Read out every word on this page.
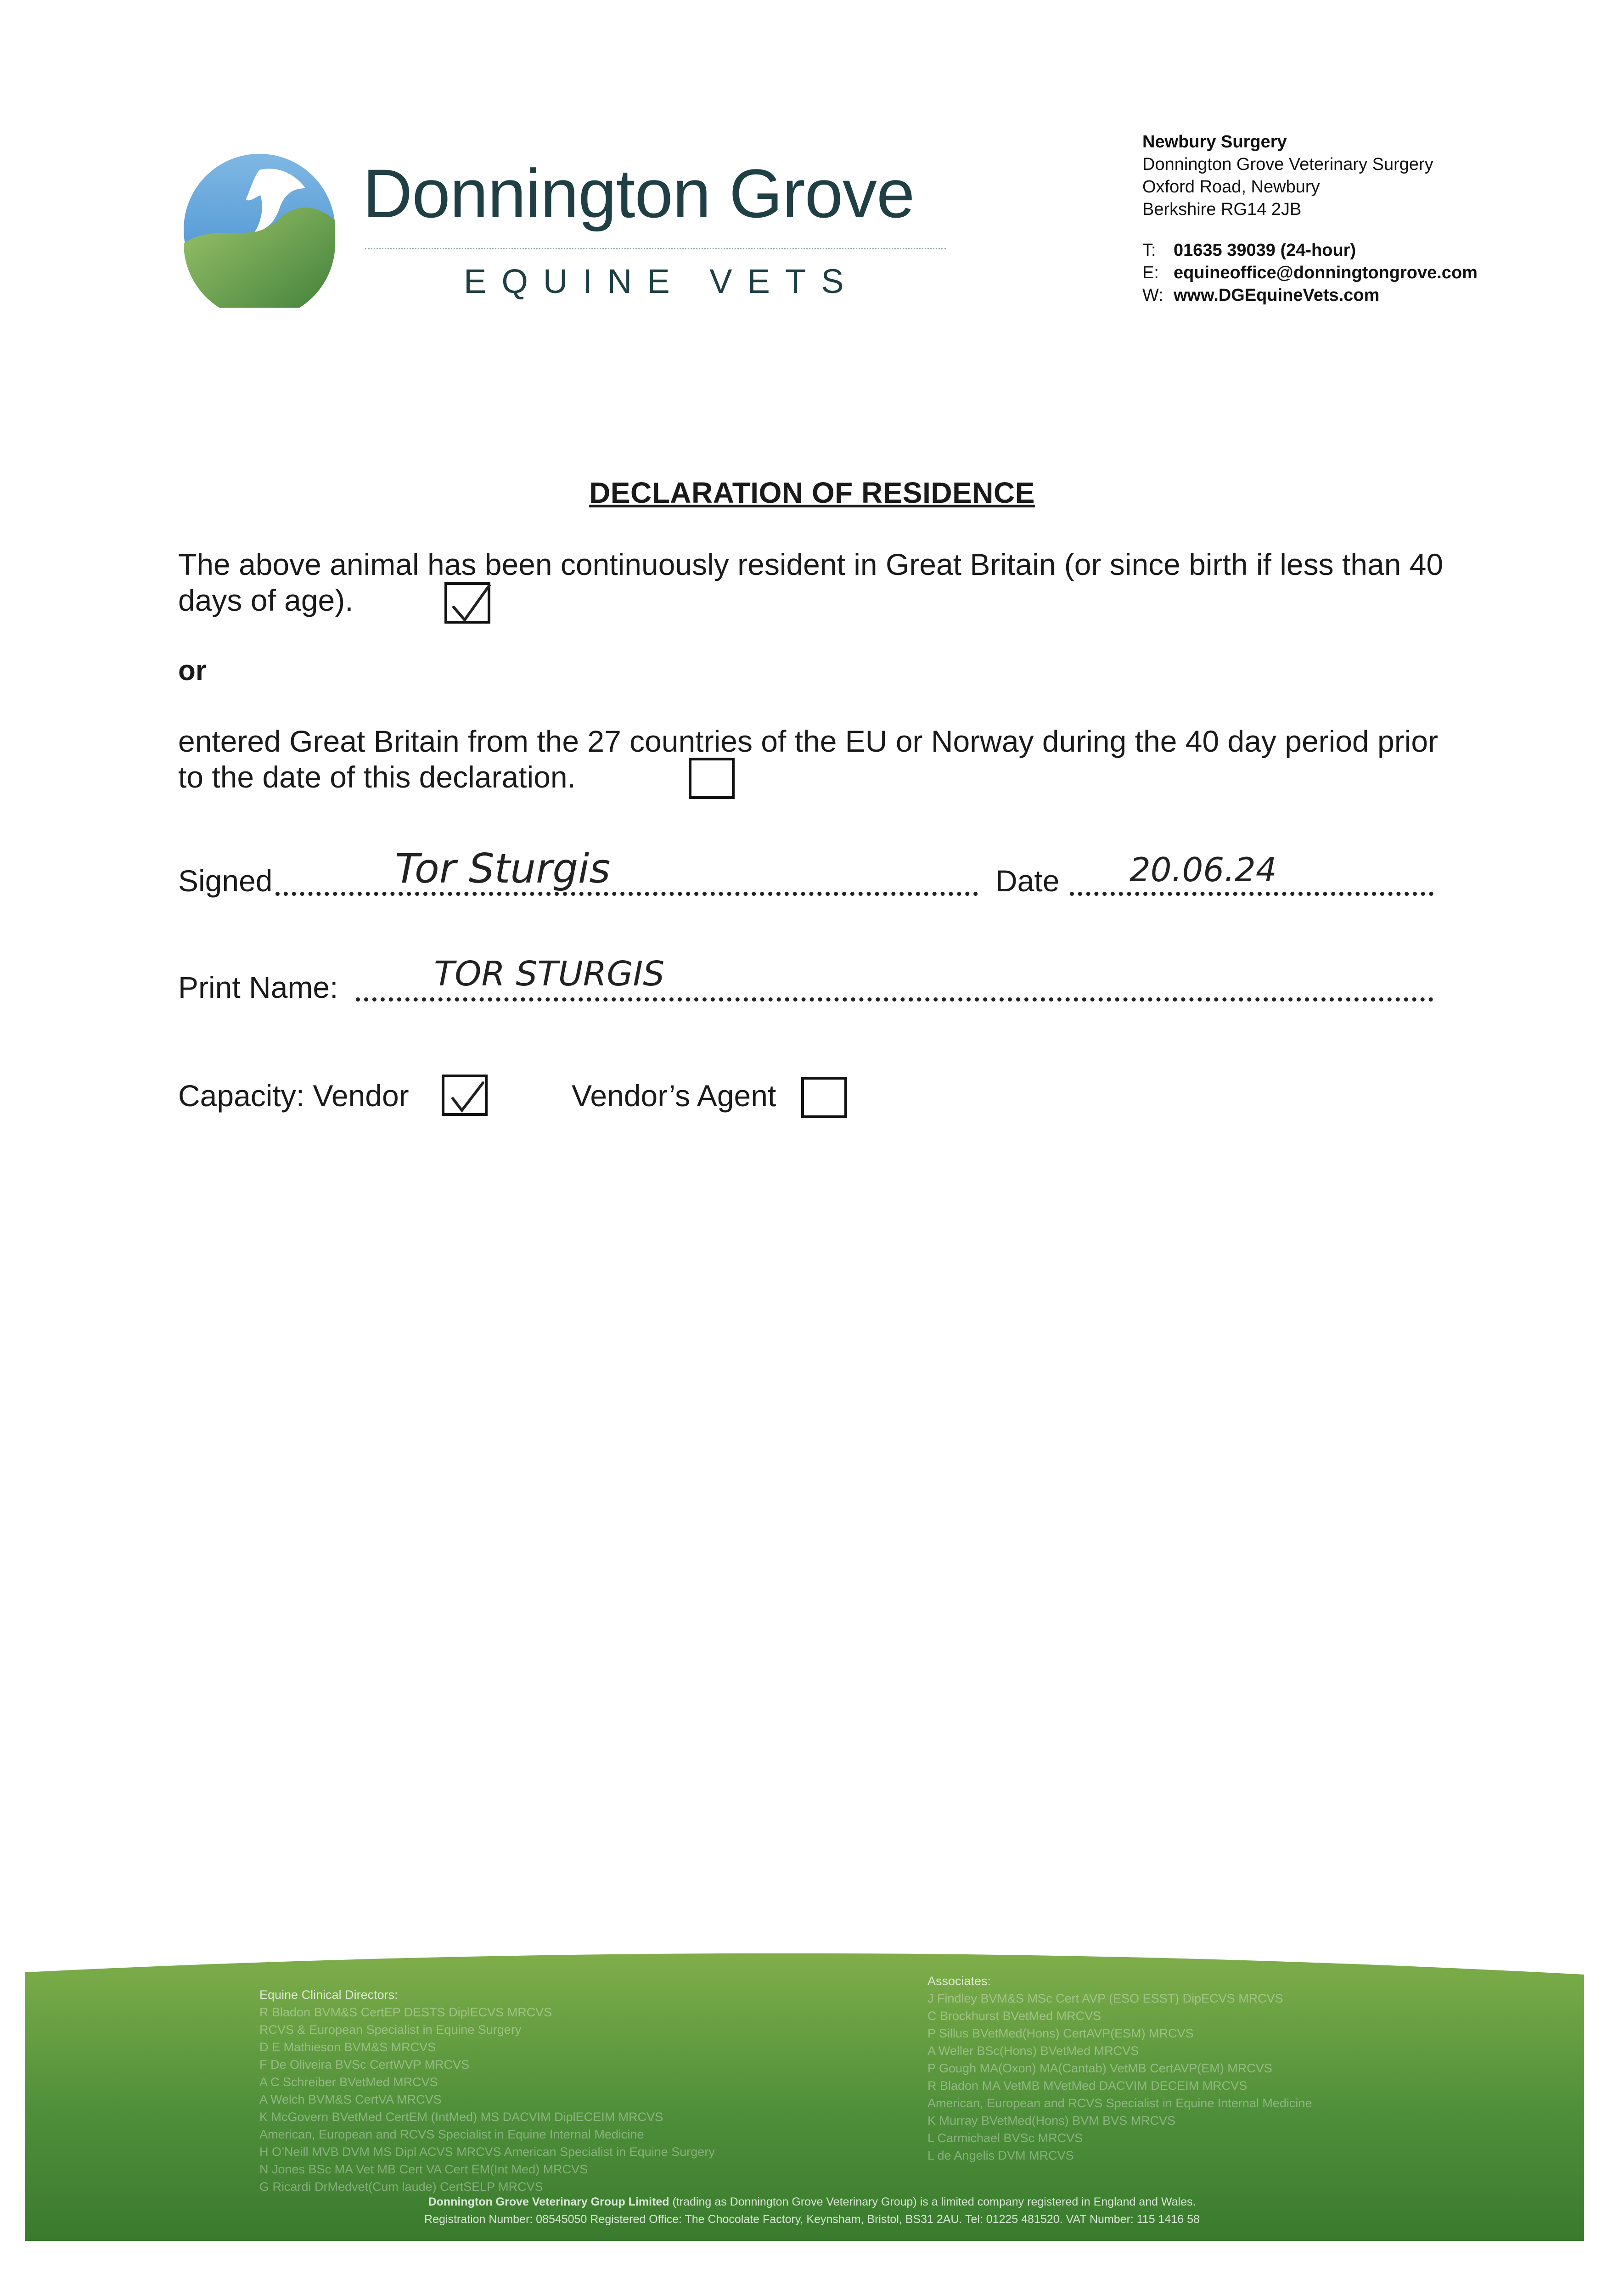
Donnington Grove
EQUINE VETS
Newbury Surgery
Donnington Grove Veterinary Surgery
Oxford Road, Newbury
Berkshire RG14 2JB
T: 01635 39039 (24-hour)
E: equineoffice@donningtongrove.com
W: www.DGEquineVets.com
DECLARATION OF RESIDENCE
The above animal has been continuously resident in Great Britain (or since birth if less than 40 days of age).
or
entered Great Britain from the 27 countries of the EU or Norway during the 40 day period prior to the date of this declaration.
Signed	Tor Sturgis	Date 20.06.24
Print Name:	TOR STURGIS
Capacity: Vendor	Vendor’s Agent
Equine Clinical Directors:
R Bladon BVM&S CertEP DESTS DiplECVS MRCVS
RCVS & European Specialist in Equine Surgery
D E Mathieson BVM&S MRCVS
F De Oliveira BVSc CertWVP MRCVS
A C Schreiber BVetMed MRCVS
A Welch BVM&S CertVA MRCVS
K McGovern BVetMed CertEM (IntMed) MS DACVIM DiplECEIM MRCVS
American, European and RCVS Specialist in Equine Internal Medicine
H O’Neill MVB DVM MS Dipl ACVS MRCVS American Specialist in Equine Surgery
N Jones BSc MA Vet MB Cert VA Cert EM(Int Med) MRCVS
G Ricardi DrMedvet(Cum laude) CertSELP MRCVS
Associates:
J Findley BVM&S MSc Cert AVP (ESO ESST) DipECVS MRCVS
C Brockhurst BVetMed MRCVS
P Sillus BVetMed(Hons) CertAVP(ESM) MRCVS
A Weller BSc(Hons) BVetMed MRCVS
P Gough MA(Oxon) MA(Cantab) VetMB CertAVP(EM) MRCVS
R Bladon MA VetMB MVetMed DACVIM DECEIM MRCVS
American, European and RCVS Specialist in Equine Internal Medicine
K Murray BVetMed(Hons) BVM BVS MRCVS
L Carmichael BVSc MRCVS
L de Angelis DVM MRCVS
Donnington Grove Veterinary Group Limited (trading as Donnington Grove Veterinary Group) is a limited company registered in England and Wales.
Registration Number: 08545050 Registered Office: The Chocolate Factory, Keynsham, Bristol, BS31 2AU. Tel: 01225 481520. VAT Number: 115 1416 58
